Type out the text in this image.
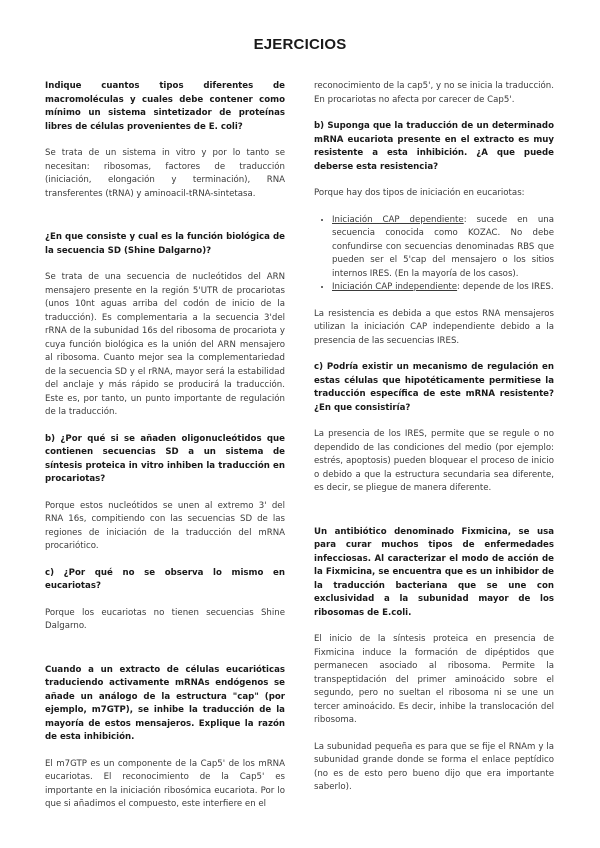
EJERCICIOS

Indique cuantos tipos diferentes de macromoléculas y cuales debe contener como mínimo un sistema sintetizador de proteínas libres de células provenientes de E. coli?

Se trata de un sistema in vitro y por lo tanto se necesitan: ribosomas, factores de traducción (iniciación, elongación y terminación), RNA transferentes (tRNA) y aminoacil-tRNA-sintetasa.

¿En que consiste y cual es la función biológica de la secuencia SD (Shine Dalgarno)?

Se trata de una secuencia de nucleótidos del ARN mensajero presente en la región 5'UTR de procariotas (unos 10nt aguas arriba del codón de inicio de la traducción). Es complementaria a la secuencia 3'del rRNA de la subunidad 16s del ribosoma de procariota y cuya función biológica es la unión del ARN mensajero al ribosoma. Cuanto mejor sea la complementariedad de la secuencia SD y el rRNA, mayor será la estabilidad del anclaje y más rápido se producirá la traducción. Este es, por tanto, un punto importante de regulación de la traducción.

b) ¿Por qué si se añaden oligonucleótidos que contienen secuencias SD a un sistema de síntesis proteica in vitro inhiben la traducción en procariotas?

Porque estos nucleótidos se unen al extremo 3' del RNA 16s, compitiendo con las secuencias SD de las regiones de iniciación de la traducción del mRNA procariótico.

c) ¿Por qué no se observa lo mismo en eucariotas?

Porque los eucariotas no tienen secuencias Shine Dalgarno.

Cuando a un extracto de células eucarióticas traduciendo activamente mRNAs endógenos se añade un análogo de la estructura "cap" (por ejemplo, m7GTP), se inhibe la traducción de la mayoría de estos mensajeros. Explique la razón de esta inhibición.

El m7GTP es un componente de la Cap5' de los mRNA eucariotas. El reconocimiento de la Cap5' es importante en la iniciación ribosómica eucariota. Por lo que si añadimos el compuesto, este interfiere en el

reconocimiento de la cap5', y no se inicia la traducción. En procariotas no afecta por carecer de Cap5'.

b) Suponga que la traducción de un determinado mRNA eucariota presente en el extracto es muy resistente a esta inhibición. ¿A que puede deberse esta resistencia?

Porque hay dos tipos de iniciación en eucariotas:

• Iniciación CAP dependiente: sucede en una secuencia conocida como KOZAC. No debe confundirse con secuencias denominadas RBS que pueden ser el 5'cap del mensajero o los sitios internos IRES. (En la mayoría de los casos).
• Iniciación CAP independiente: depende de los IRES.

La resistencia es debida a que estos RNA mensajeros utilizan la iniciación CAP independiente debido a la presencia de las secuencias IRES.

c) Podría existir un mecanismo de regulación en estas células que hipotéticamente permitiese la traducción específica de este mRNA resistente? ¿En que consistiría?

La presencia de los IRES, permite que se regule o no dependido de las condiciones del medio (por ejemplo: estrés, apoptosis) pueden bloquear el proceso de inicio o debido a que la estructura secundaria sea diferente, es decir, se pliegue de manera diferente.

Un antibiótico denominado Fixmicina, se usa para curar muchos tipos de enfermedades infecciosas. Al caracterizar el modo de acción de la Fixmicina, se encuentra que es un inhibidor de la traducción bacteriana que se une con exclusividad a la subunidad mayor de los ribosomas de E.coli.

El inicio de la síntesis proteica en presencia de Fixmicina induce la formación de dipéptidos que permanecen asociado al ribosoma. Permite la transpeptidación del primer aminoácido sobre el segundo, pero no sueltan el ribosoma ni se une un tercer aminoácido. Es decir, inhibe la translocación del ribosoma.

La subunidad pequeña es para que se fije el RNAm y la subunidad grande donde se forma el enlace peptídico (no es de esto pero bueno dijo que era importante saberlo).
